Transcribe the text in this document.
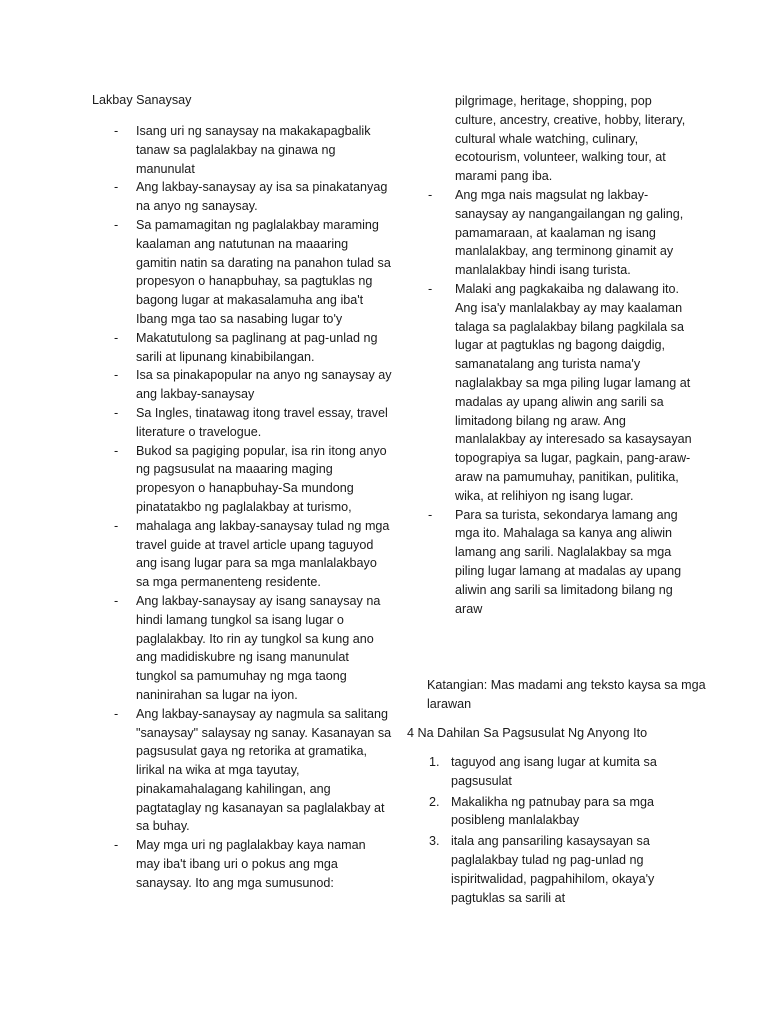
Lakbay Sanaysay
- Isang uri ng sanaysay na makakapagbalik tanaw sa paglalakbay na ginawa ng manunulat
- Ang lakbay-sanaysay ay isa sa pinakatanyag na anyo ng sanaysay.
- Sa pamamagitan ng paglalakbay maraming kaalaman ang natutunan na maaaring gamitin natin sa darating na panahon tulad sa propesyon o hanapbuhay, sa pagtuklas ng bagong lugar at makasalamuha ang iba't Ibang mga tao sa nasabing lugar to'y
- Makatutulong sa paglinang at pag-unlad ng sarili at lipunang kinabibilangan.
- Isa sa pinakapopular na anyo ng sanaysay ay ang lakbay-sanaysay
- Sa Ingles, tinatawag itong travel essay, travel literature o travelogue.
- Bukod sa pagiging popular, isa rin itong anyo ng pagsusulat na maaaring maging propesyon o hanapbuhay-Sa mundong pinatatakbo ng paglalakbay at turismo,
- mahalaga ang lakbay-sanaysay tulad ng mga travel guide at travel article upang taguyod ang isang lugar para sa mga manlalakbayo sa mga permanenteng residente.
- Ang lakbay-sanaysay ay isang sanaysay na hindi lamang tungkol sa isang lugar o paglalakbay. Ito rin ay tungkol sa kung ano ang madidiskubre ng isang manunulat tungkol sa pamumuhay ng mga taong naninirahan sa lugar na iyon.
- Ang lakbay-sanaysay ay nagmula sa salitang "sanaysay" salaysay ng sanay. Kasanayan sa pagsusulat gaya ng retorika at gramatika, lirikal na wika at mga tayutay, pinakamahalagang kahilingan, ang pagtataglay ng kasanayan sa paglalakbay at sa buhay.
- May mga uri ng paglalakbay kaya naman may iba't ibang uri o pokus ang mga sanaysay. Ito ang mga sumusunod:
pilgrimage, heritage, shopping, pop culture, ancestry, creative, hobby, literary, cultural whale watching, culinary, ecotourism, volunteer, walking tour, at marami pang iba.
- Ang mga nais magsulat ng lakbay-sanaysay ay nangangailangan ng galing, pamamaraan, at kaalaman ng isang manlalakbay, ang terminong ginamit ay manlalakbay hindi isang turista.
- Malaki ang pagkakaiba ng dalawang ito. Ang isa'y manlalakbay ay may kaalaman talaga sa paglalakbay bilang pagkilala sa lugar at pagtuklas ng bagong daigdig, samanatalang ang turista nama'y naglalakbay sa mga piling lugar lamang at madalas ay upang aliwin ang sarili sa limitadong bilang ng araw. Ang manlalakbay ay interesado sa kasaysayan topograpiya sa lugar, pagkain, pang-araw-araw na pamumuhay, panitikan, pulitika, wika, at relihiyon ng isang lugar.
- Para sa turista, sekondarya lamang ang mga ito. Mahalaga sa kanya ang aliwin lamang ang sarili. Naglalakbay sa mga piling lugar lamang at madalas ay upang aliwin ang sarili sa limitadong bilang ng araw
Katangian: Mas madami ang teksto kaysa sa mga larawan
4 Na Dahilan Sa Pagsusulat Ng Anyong Ito
1. taguyod ang isang lugar at kumita sa pagsusulat
2. Makalikha ng patnubay para sa mga posibleng manlalakbay
3. itala ang pansariling kasaysayan sa paglalakbay tulad ng pag-unlad ng ispiritwalidad, pagpahihilom, okaya'y pagtuklas sa sarili at
